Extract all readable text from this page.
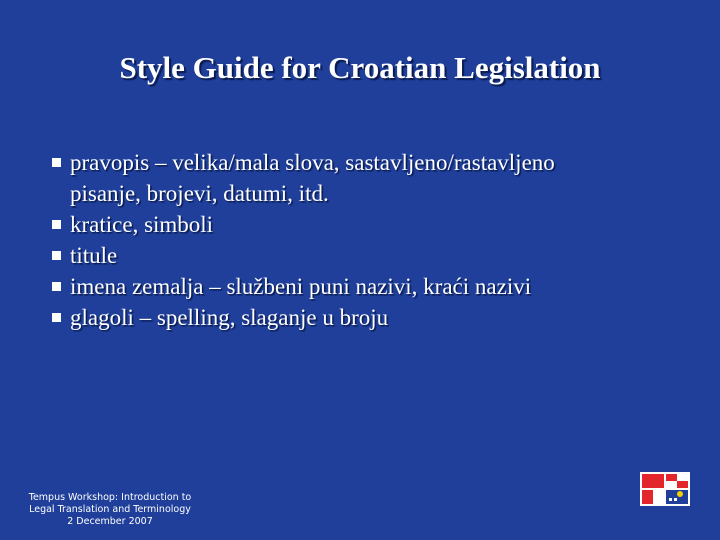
Style Guide for Croatian Legislation
pravopis – velika/mala slova, sastavljeno/rastavljeno
pisanje, brojevi, datumi, itd.
kratice, simboli
titule
imena zemalja – službeni puni nazivi, kraći nazivi
glagoli – spelling, slaganje u broju
Tempus Workshop: Introduction to
Legal Translation and Terminology
2 December 2007
